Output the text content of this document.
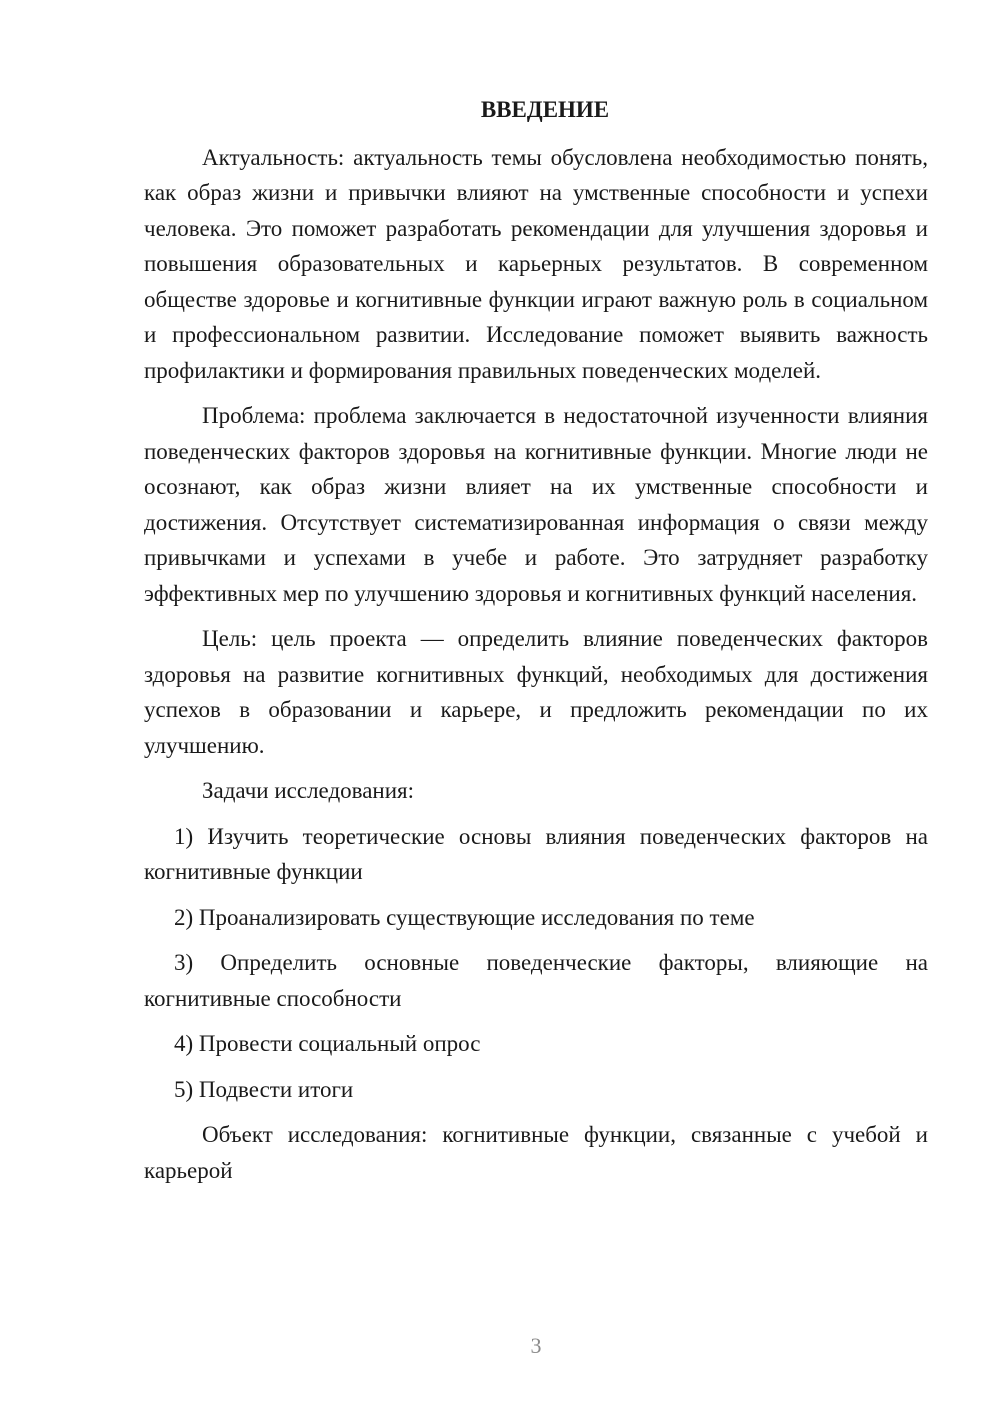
ВВЕДЕНИЕ

Актуальность: актуальность темы обусловлена необходимостью понять, как образ жизни и привычки влияют на умственные способности и успехи человека. Это поможет разработать рекомендации для улучшения здоровья и повышения образовательных и карьерных результатов. В современном обществе здоровье и когнитивные функции играют важную роль в социальном и профессиональном развитии. Исследование поможет выявить важность профилактики и формирования правильных поведенческих моделей.

Проблема: проблема заключается в недостаточной изученности влияния поведенческих факторов здоровья на когнитивные функции. Многие люди не осознают, как образ жизни влияет на их умственные способности и достижения. Отсутствует систематизированная информация о связи между привычками и успехами в учебе и работе. Это затрудняет разработку эффективных мер по улучшению здоровья и когнитивных функций населения.

Цель: цель проекта — определить влияние поведенческих факторов здоровья на развитие когнитивных функций, необходимых для достижения успехов в образовании и карьере, и предложить рекомендации по их улучшению.

Задачи исследования:

1) Изучить теоретические основы влияния поведенческих факторов на когнитивные функции

2) Проанализировать существующие исследования по теме

3) Определить основные поведенческие факторы, влияющие на когнитивные способности

4) Провести социальный опрос

5) Подвести итоги

Объект исследования: когнитивные функции, связанные с учебой и карьерой

3
